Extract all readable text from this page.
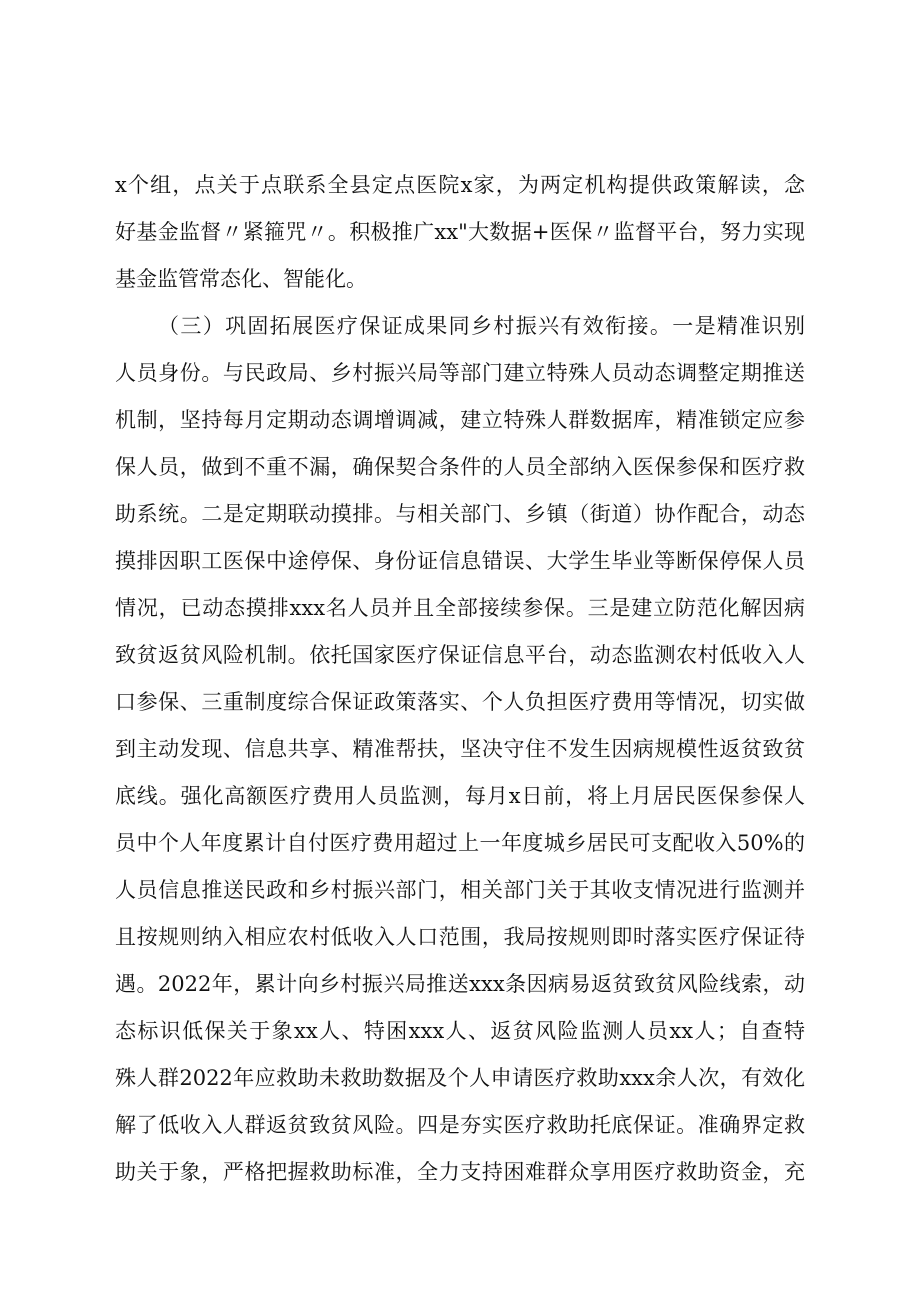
x个组，点关于点联系全县定点医院x家，为两定机构提供政策解读，念
好基金监督〃紧箍咒〃。积极推广xx"大数据+医保〃监督平台，努力实现
基金监管常态化、智能化。
（三）巩固拓展医疗保证成果同乡村振兴有效衔接。一是精准识别
人员身份。与民政局、乡村振兴局等部门建立特殊人员动态调整定期推送
机制，坚持每月定期动态调增调减，建立特殊人群数据库，精准锁定应参
保人员，做到不重不漏，确保契合条件的人员全部纳入医保参保和医疗救
助系统。二是定期联动摸排。与相关部门、乡镇（街道）协作配合，动态
摸排因职工医保中途停保、身份证信息错误、大学生毕业等断保停保人员
情况，已动态摸排xxx名人员并且全部接续参保。三是建立防范化解因病
致贫返贫风险机制。依托国家医疗保证信息平台，动态监测农村低收入人
口参保、三重制度综合保证政策落实、个人负担医疗费用等情况，切实做
到主动发现、信息共享、精准帮扶，坚决守住不发生因病规模性返贫致贫
底线。强化高额医疗费用人员监测，每月x日前，将上月居民医保参保人
员中个人年度累计自付医疗费用超过上一年度城乡居民可支配收入50%的
人员信息推送民政和乡村振兴部门，相关部门关于其收支情况进行监测并
且按规则纳入相应农村低收入人口范围，我局按规则即时落实医疗保证待
遇。2022年，累计向乡村振兴局推送xxx条因病易返贫致贫风险线索，动
态标识低保关于象xx人、特困xxx人、返贫风险监测人员xx人；自查特
殊人群2022年应救助未救助数据及个人申请医疗救助xxx余人次，有效化
解了低收入人群返贫致贫风险。四是夯实医疗救助托底保证。准确界定救
助关于象，严格把握救助标准，全力支持困难群众享用医疗救助资金，充
